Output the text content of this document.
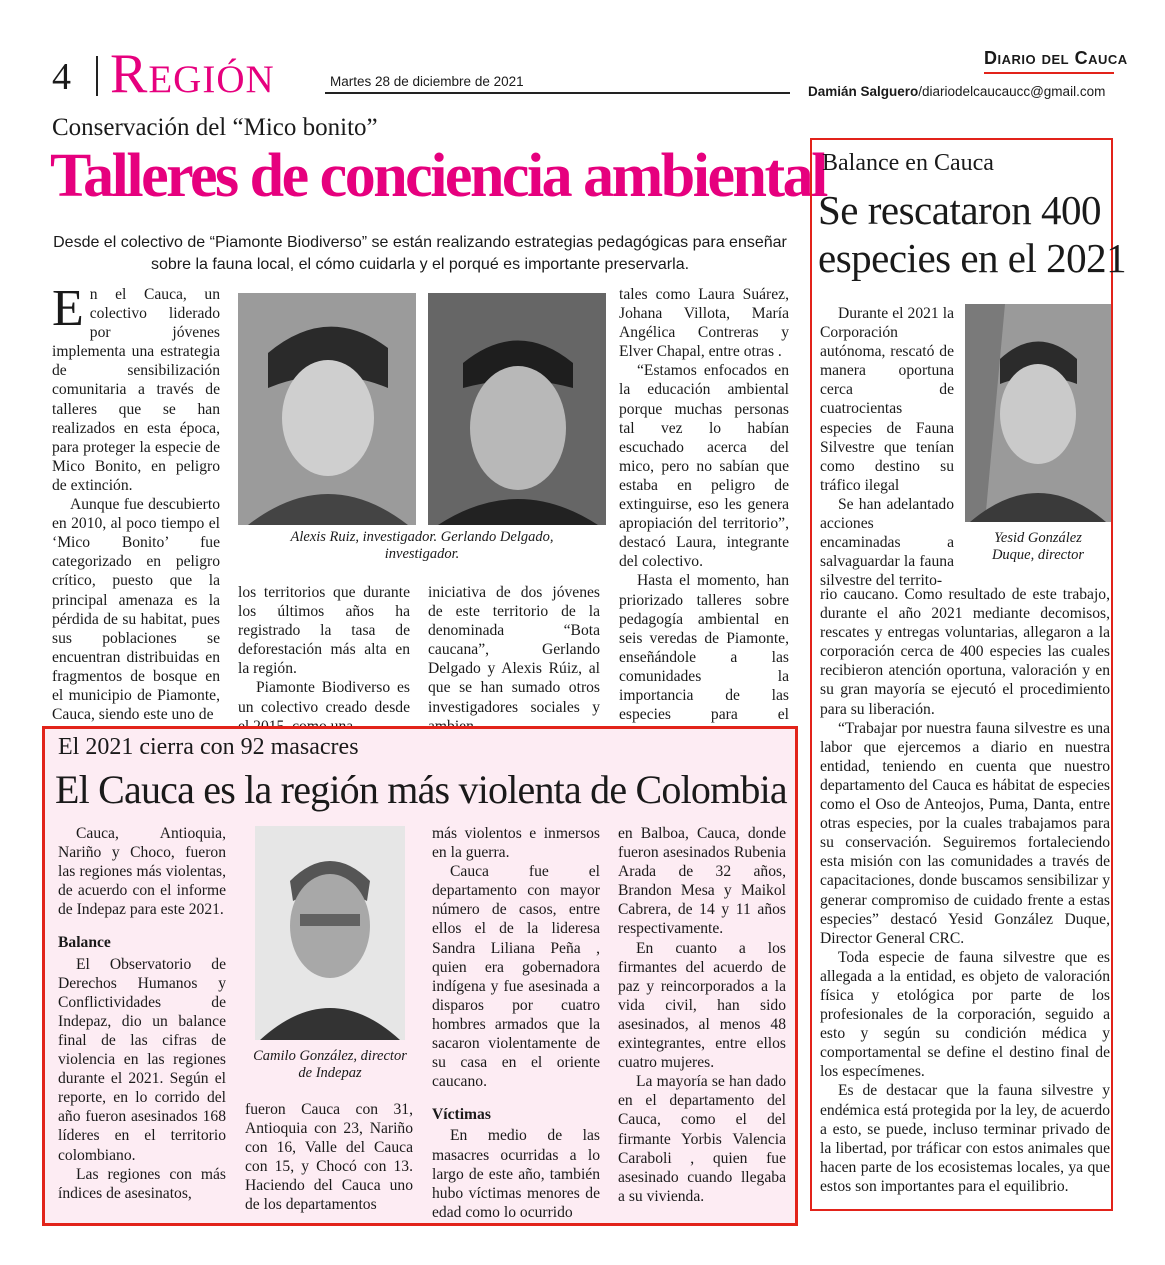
4 Región	Martes 28 de diciembre de 2021
Diario del Cauca
Damián Salguero/diariodelcaucaucc@gmail.com
Conservación del “Mico bonito”
Talleres de conciencia ambiental
Desde el colectivo de “Piamonte Biodiverso” se están realizando estrategias pedagógicas para enseñar
sobre la fauna local, el cómo cuidarla y el porqué es importante preservarla.

En el Cauca, un colectivo liderado por jóvenes implementa una estrategia de sensibilización comunitaria a través de talleres que se han realizados en esta época, para proteger la especie de Mico Bonito, en peligro de extinción.

Aunque fue descubierto en 2010, al poco tiempo el ‘Mico Bonito’ fue categorizado en peligro crítico, puesto que la principal amenaza es la pérdida de su habitat, pues sus poblaciones se encuentran distribuidas en fragmentos de bosque en el municipio de Piamonte, Cauca, siendo este uno de

Alexis Ruiz, investigador. Gerlando Delgado,
investigador.

los territorios que durante los últimos años ha registrado la tasa de deforestación más alta en la región.

Piamonte Biodiverso es un colectivo creado desde

iniciativa de dos jóvenes de este territorio de la denominada “Bota caucana”, Gerlando Delgado y Alexis Rúiz, al que se han sumado otros investigadores sociales y

tales como Laura Suárez, Johana Villota, María Angélica Contreras y Elver Chapal, entre otras .

“Estamos enfocados en la educación ambiental porque muchas personas tal vez lo habían escuchado acerca del mico, pero no sabían que estaba en peligro de extinguirse, eso les genera apropiación del territorio”, destacó Laura, integrante del colectivo.

Hasta el momento, han priorizado talleres sobre pedagogía ambiental en seis veredas de Piamonte, enseñándole a las comunidades la importancia de las especies para el

Balance en Cauca
Se rescataron 400
especies en el 2021

Durante el 2021 la Corporación autónoma, rescató de manera oportuna cerca de cuatrocientas especies de Fauna Silvestre que tenían como destino su tráfico ilegal

Se han adelantado acciones encaminadas a salvaguardar la fauna silvestre del territo-

Yesid González
Duque, director

rio caucano. Como resultado de este trabajo, durante el año 2021 mediante decomisos, rescates y entregas voluntarias, allegaron a la corporación cerca de 400 especies las cuales recibieron atención oportuna, valoración y en su gran mayoría se ejecutó el procedimiento para su liberación.

“Trabajar por nuestra fauna silvestre es una labor que ejercemos a diario en nuestra entidad, teniendo en cuenta que nuestro departamento del Cauca es hábitat de especies como el Oso de Anteojos, Puma, Danta, entre otras especies, por la cuales trabajamos para su conservación. Seguiremos fortaleciendo esta misión con las comunidades a través de capacitaciones, donde buscamos sensibilizar y generar compromiso de cuidado frente a estas especies” destacó Yesid González Duque, Director General CRC.

Toda especie de fauna silvestre que es allegada a la entidad, es objeto de valoración física y etológica por parte de los profesionales de la corporación, seguido a esto y según su condición médica y comportamental se define el destino final de los especímenes.

Es de destacar que la fauna silvestre y endémica está protegida por la ley, de acuerdo a esto, se puede, incluso terminar privado de la libertad, por tráficar con estos animales que hacen parte de los ecosistemas locales, ya que estos son importantes para el equilibrio.

El 2021 cierra con 92 masacres
El Cauca es la región más violenta de Colombia

Cauca, Antioquia, Nariño y Choco, fueron las regiones más violentas, de acuerdo con el informe de Indepaz para este 2021.

Balance

El Observatorio de Derechos Humanos y Conflictividades de Indepaz, dio un balance final de las cifras de violencia en las regiones durante el 2021. Según el reporte, en lo corrido del año fueron asesinados 168 líderes en el territorio colombiano.

Las regiones con más índices de asesinatos,

Camilo González, director
de Indepaz

fueron Cauca con 31, Antioquia con 23, Nariño con 16, Valle del Cauca con 15, y Chocó con 13. Haciendo del Cauca uno de los departamentos

más violentos e inmersos en la guerra.

Cauca fue el departamento con mayor número de casos, entre ellos el de la lideresa Sandra Liliana Peña , quien era gobernadora indígena y fue asesinada a disparos por cuatro hombres armados que la sacaron violentamente de su casa en el oriente caucano.

Víctimas

En medio de las masacres ocurridas a lo largo de este año, también hubo víctimas menores de edad como lo ocurrido

en Balboa, Cauca, donde fueron asesinados Rubenia Arada de 32 años, Brandon Mesa y Maikol Cabrera, de 14 y 11 años respectivamente.

En cuanto a los firmantes del acuerdo de paz y reincorporados a la vida civil, han sido asesinados, al menos 48 exintegrantes, entre ellos cuatro mujeres.

La mayoría se han dado en el departamento del Cauca, como el del firmante Yorbis Valencia Caraboli , quien fue asesinado cuando llegaba a su vivienda.
